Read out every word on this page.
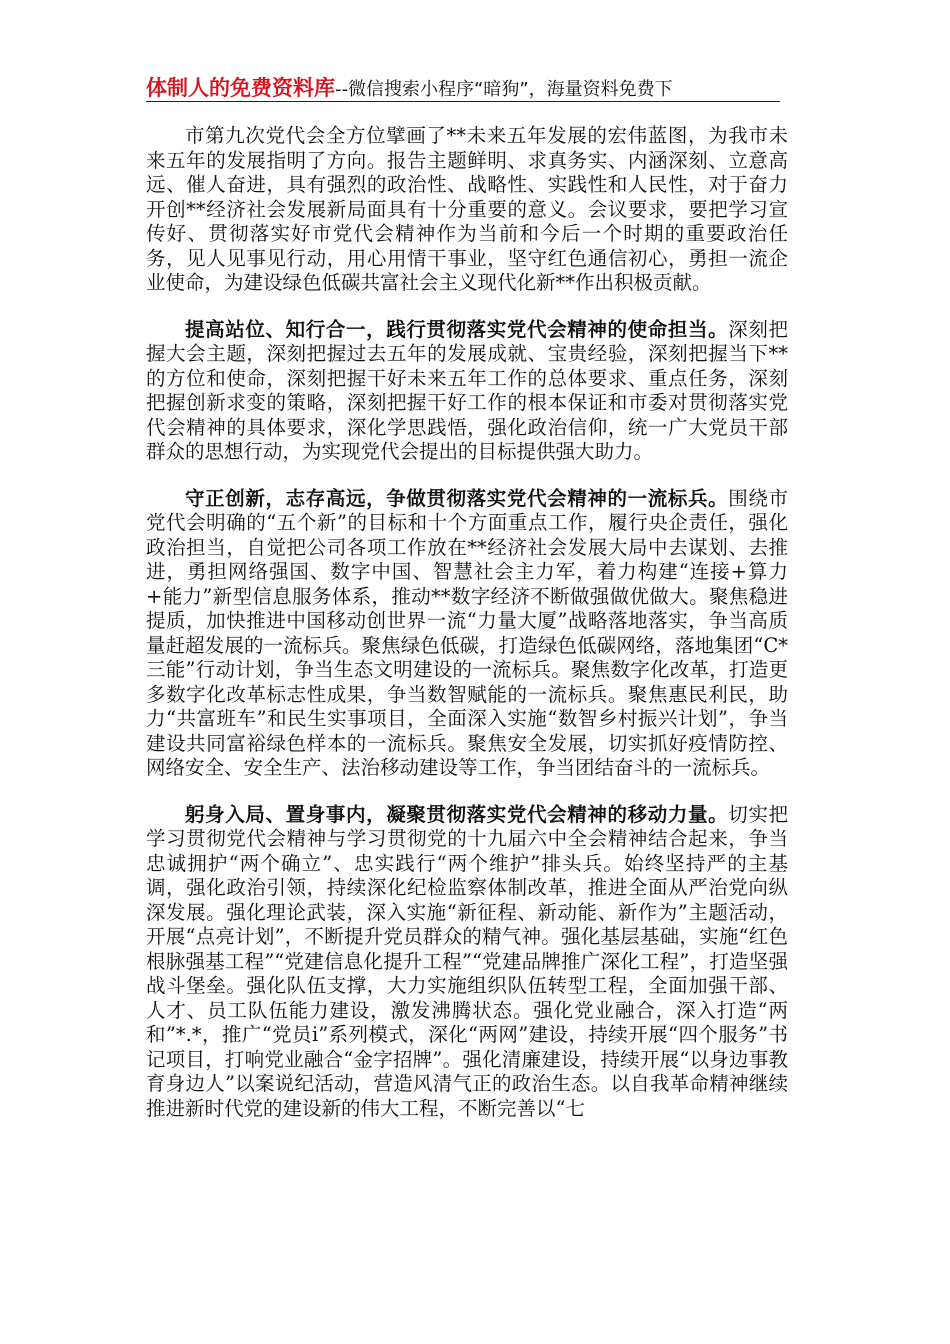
体制人的免费资料库--微信搜索小程序“暗狗”，海量资料免费下

市第九次党代会全方位擘画了**未来五年发展的宏伟蓝图，为我市未来五年的发展指明了方向。报告主题鲜明、求真务实、内涵深刻、立意高远、催人奋进，具有强烈的政治性、战略性、实践性和人民性，对于奋力开创**经济社会发展新局面具有十分重要的意义。会议要求，要把学习宣传好、贯彻落实好市党代会精神作为当前和今后一个时期的重要政治任务，见人见事见行动，用心用情干事业，坚守红色通信初心，勇担一流企业使命，为建设绿色低碳共富社会主义现代化新**作出积极贡献。

提高站位、知行合一，践行贯彻落实党代会精神的使命担当。深刻把握大会主题，深刻把握过去五年的发展成就、宝贵经验，深刻把握当下**的方位和使命，深刻把握干好未来五年工作的总体要求、重点任务，深刻把握创新求变的策略，深刻把握干好工作的根本保证和市委对贯彻落实党代会精神的具体要求，深化学思践悟，强化政治信仰，统一广大党员干部群众的思想行动，为实现党代会提出的目标提供强大助力。

守正创新，志存高远，争做贯彻落实党代会精神的一流标兵。围绕市党代会明确的“五个新”的目标和十个方面重点工作，履行央企责任，强化政治担当，自觉把公司各项工作放在**经济社会发展大局中去谋划、去推进，勇担网络强国、数字中国、智慧社会主力军，着力构建“连接+算力+能力”新型信息服务体系，推动**数字经济不断做强做优做大。聚焦稳进提质，加快推进中国移动创世界一流“力量大厦”战略落地落实，争当高质量赶超发展的一流标兵。聚焦绿色低碳，打造绿色低碳网络，落地集团“C*三能”行动计划，争当生态文明建设的一流标兵。聚焦数字化改革，打造更多数字化改革标志性成果，争当数智赋能的一流标兵。聚焦惠民利民，助力“共富班车”和民生实事项目，全面深入实施“数智乡村振兴计划”，争当建设共同富裕绿色样本的一流标兵。聚焦安全发展，切实抓好疫情防控、网络安全、安全生产、法治移动建设等工作，争当团结奋斗的一流标兵。

躬身入局、置身事内，凝聚贯彻落实党代会精神的移动力量。切实把学习贯彻党代会精神与学习贯彻党的十九届六中全会精神结合起来，争当忠诚拥护“两个确立”、忠实践行“两个维护”排头兵。始终坚持严的主基调，强化政治引领，持续深化纪检监察体制改革，推进全面从严治党向纵深发展。强化理论武装，深入实施“新征程、新动能、新作为”主题活动，开展“点亮计划”，不断提升党员群众的精气神。强化基层基础，实施“红色根脉强基工程”“党建信息化提升工程”“党建品牌推广深化工程”，打造坚强战斗堡垒。强化队伍支撑，大力实施组织队伍转型工程，全面加强干部、人才、员工队伍能力建设，激发沸腾状态。强化党业融合，深入打造“两和”*.*，推广“党员i”系列模式，深化“两网”建设，持续开展“四个服务”书记项目，打响党业融合“金字招牌”。强化清廉建设，持续开展“以身边事教育身边人”以案说纪活动，营造风清气正的政治生态。以自我革命精神继续推进新时代党的建设新的伟大工程，不断完善以“七
